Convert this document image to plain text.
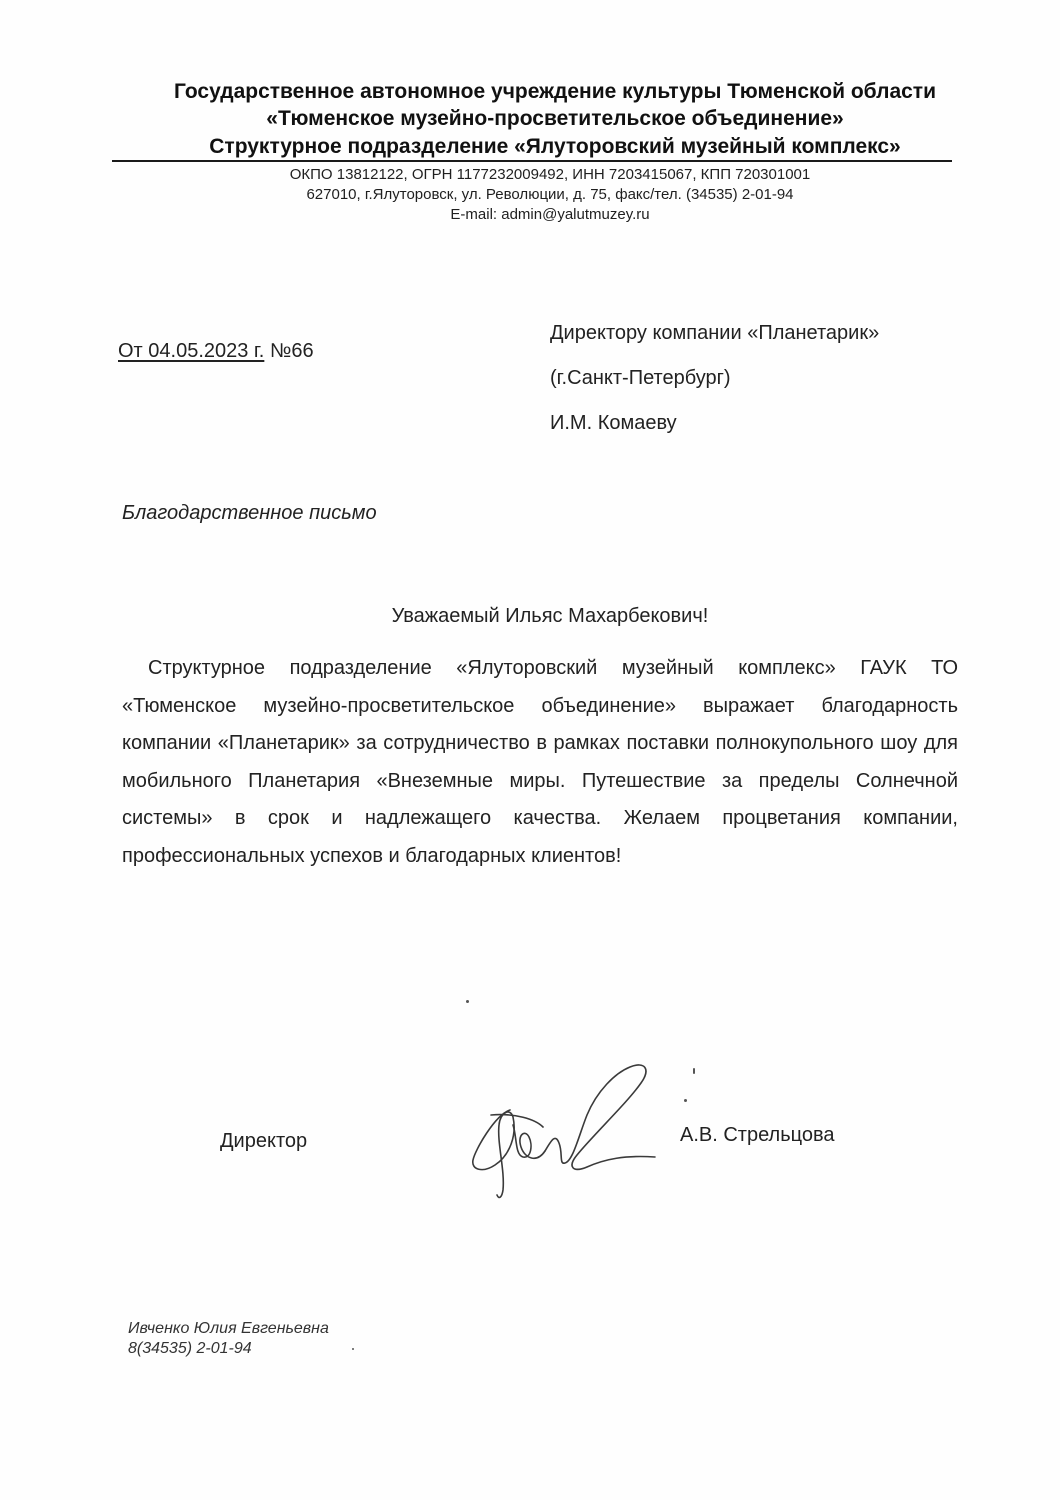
Государственное автономное учреждение культуры Тюменской области
«Тюменское музейно-просветительское объединение»
Структурное подразделение «Ялуторовский музейный комплекс»
ОКПО 13812122, ОГРН 1177232009492, ИНН 7203415067, КПП 720301001
627010, г.Ялуторовск, ул. Революции, д. 75, факс/тел. (34535) 2-01-94
E-mail: admin@yalutmuzey.ru
От 04.05.2023 г. №66
Директору компании «Планетарик»
(г.Санкт-Петербург)
И.М. Комаеву
Благодарственное письмо
Уважаемый Ильяс Махарбекович!
Структурное подразделение «Ялуторовский музейный комплекс» ГАУК ТО «Тюменское музейно-просветительское объединение» выражает благодарность компании «Планетарик» за сотрудничество в рамках поставки полнокупольного шоу для мобильного Планетария «Внеземные миры. Путешествие за пределы Солнечной системы» в срок и надлежащего качества. Желаем процветания компании, профессиональных успехов и благодарных клиентов!
Директор	А.В. Стрельцова
Ивченко Юлия Евгеньевна
8(34535) 2-01-94
